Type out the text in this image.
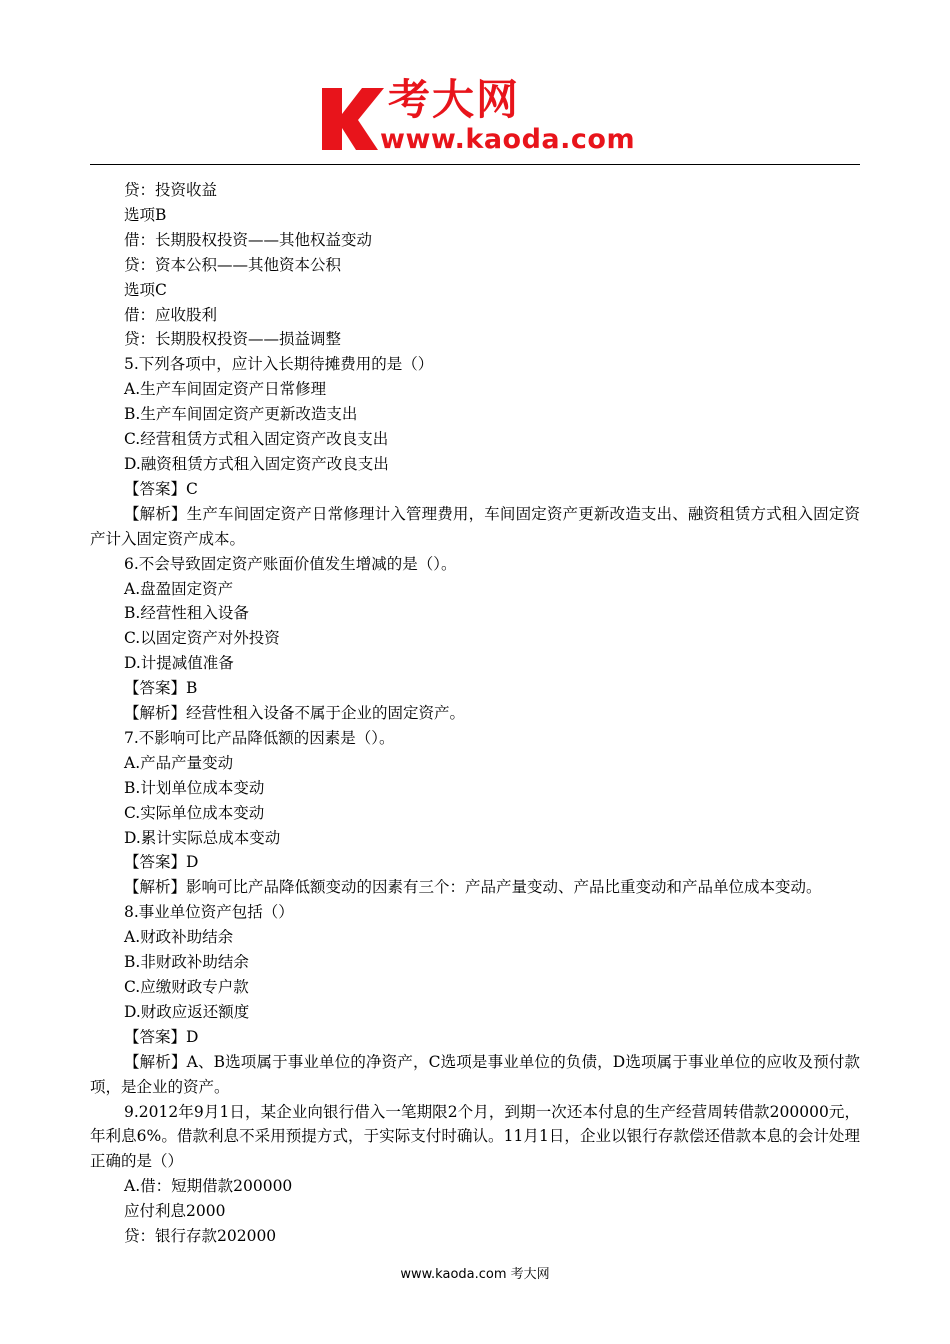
考大网
www.kaoda.com
贷：投资收益
选项B
借：长期股权投资——其他权益变动
贷：资本公积——其他资本公积
选项C
借：应收股利
贷：长期股权投资——损益调整
5.下列各项中，应计入长期待摊费用的是（）
A.生产车间固定资产日常修理
B.生产车间固定资产更新改造支出
C.经营租赁方式租入固定资产改良支出
D.融资租赁方式租入固定资产改良支出
【答案】C
【解析】生产车间固定资产日常修理计入管理费用，车间固定资产更新改造支出、融资租赁方式租入固定资产计入固定资产成本。
6.不会导致固定资产账面价值发生增减的是（）。
A.盘盈固定资产
B.经营性租入设备
C.以固定资产对外投资
D.计提减值准备
【答案】B
【解析】经营性租入设备不属于企业的固定资产。
7.不影响可比产品降低额的因素是（）。
A.产品产量变动
B.计划单位成本变动
C.实际单位成本变动
D.累计实际总成本变动
【答案】D
【解析】影响可比产品降低额变动的因素有三个：产品产量变动、产品比重变动和产品单位成本变动。
8.事业单位资产包括（）
A.财政补助结余
B.非财政补助结余
C.应缴财政专户款
D.财政应返还额度
【答案】D
【解析】A、B选项属于事业单位的净资产，C选项是事业单位的负债，D选项属于事业单位的应收及预付款项，是企业的资产。
9.2012年9月1日，某企业向银行借入一笔期限2个月，到期一次还本付息的生产经营周转借款200000元，年利息6%。借款利息不采用预提方式，于实际支付时确认。11月1日，企业以银行存款偿还借款本息的会计处理正确的是（）
A.借：短期借款200000
应付利息2000
贷：银行存款202000
www.kaoda.com 考大网
